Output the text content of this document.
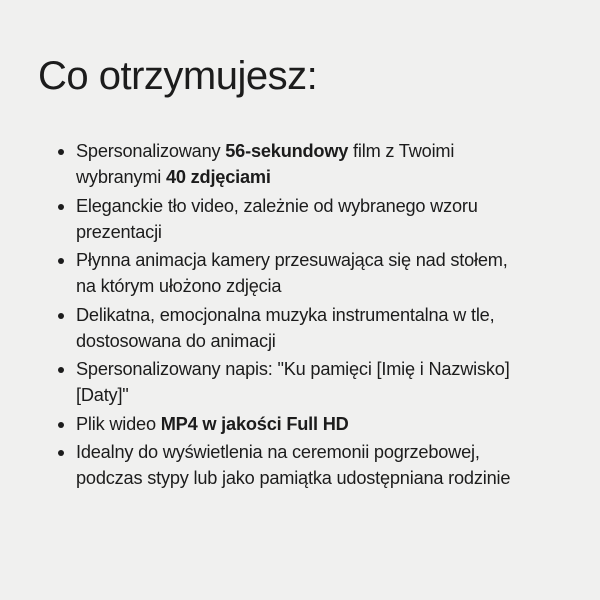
Co otrzymujesz:
Spersonalizowany 56-sekundowy film z Twoimi wybranymi 40 zdjęciami
Eleganckie tło video, zależnie od wybranego wzoru prezentacji
Płynna animacja kamery przesuwająca się nad stołem, na którym ułożono zdjęcia
Delikatna, emocjonalna muzyka instrumentalna w tle, dostosowana do animacji
Spersonalizowany napis: "Ku pamięci [Imię i Nazwisko] [Daty]"
Plik wideo MP4 w jakości Full HD
Idealny do wyświetlenia na ceremonii pogrzebowej, podczas stypy lub jako pamiątka udostępniana rodzinie
